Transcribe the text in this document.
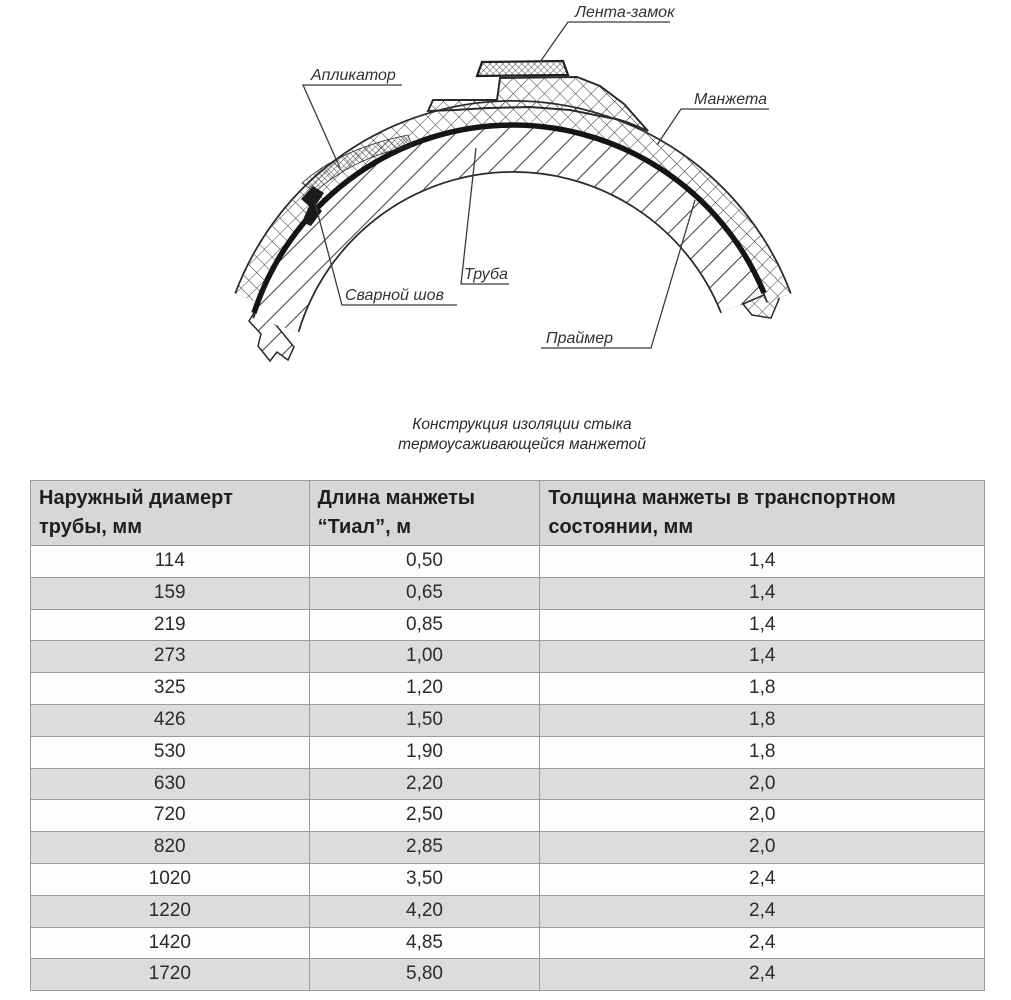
Лента-замок
Апликатор
Манжета
Труба
Сварной шов
Праймер
Конструкция изоляции стыка
термоусаживающейся манжетой
Наружный диамерт трубы, мм	Длина манжеты “Тиал”, м	Толщина манжеты в транспортном состоянии, мм
114	0,50	1,4
159	0,65	1,4
219	0,85	1,4
273	1,00	1,4
325	1,20	1,8
426	1,50	1,8
530	1,90	1,8
630	2,20	2,0
720	2,50	2,0
820	2,85	2,0
1020	3,50	2,4
1220	4,20	2,4
1420	4,85	2,4
1720	5,80	2,4
